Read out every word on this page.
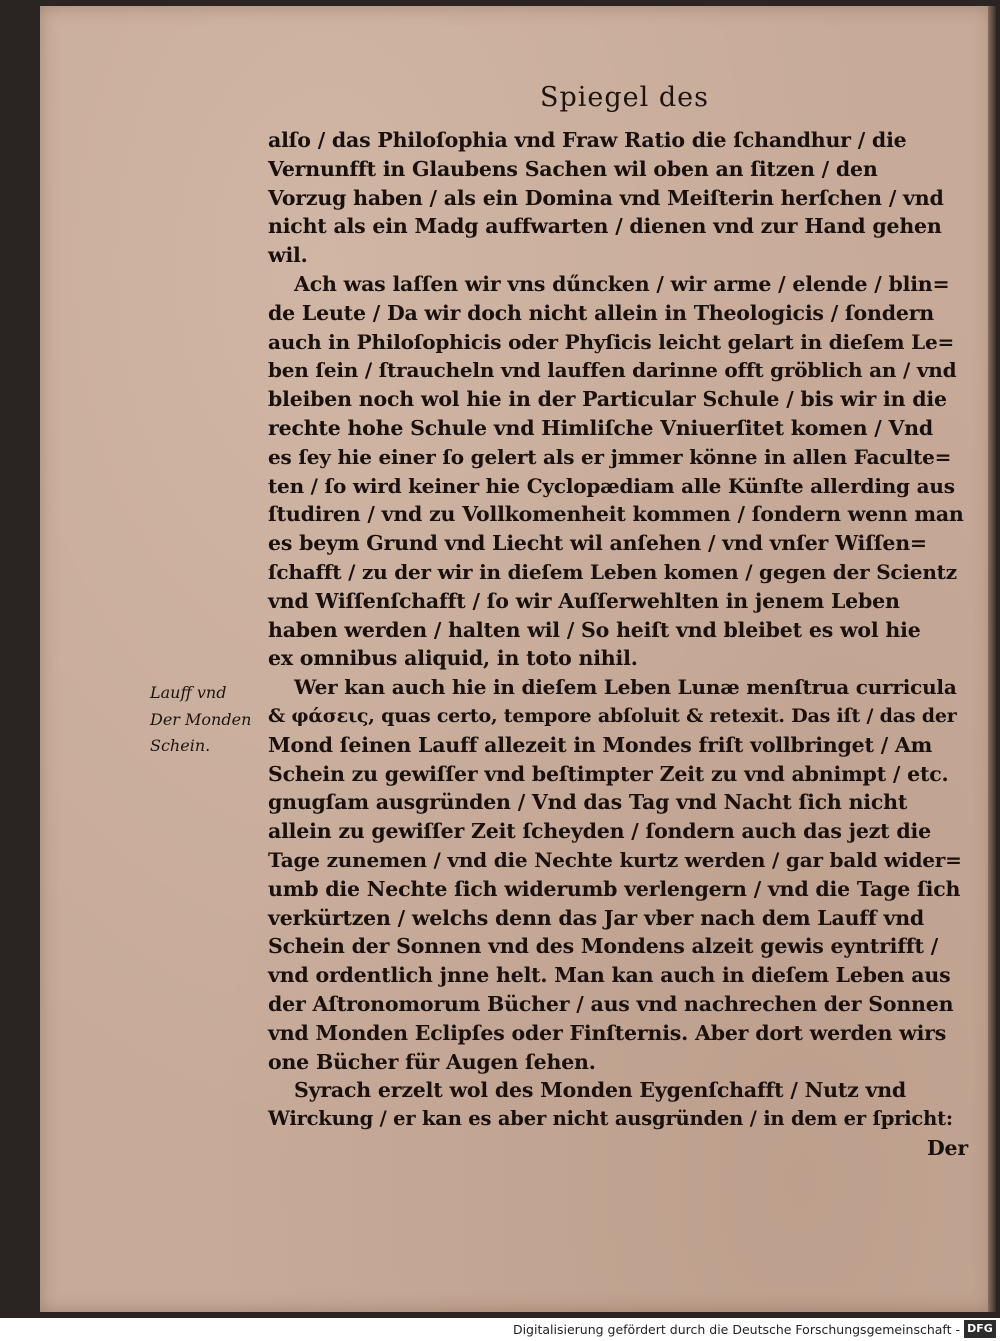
Spiegel des
Lauff vnd
Der Monden
Schein.
alſo / das Philoſophia vnd Fraw Ratio die ſchandhur / die
Vernunfft in Glaubens Sachen wil oben an ſitzen / den
Vorzug haben / als ein Domina vnd Meiſterin herſchen / vnd
nicht als ein Madg auffwarten / dienen vnd zur Hand gehen
wil.
Ach was laſſen wir vns dűncken / wir arme / elende / blin=
de Leute / Da wir doch nicht allein in Theologicis / ſondern
auch in Philoſophicis oder Phyſicis leicht gelart in dieſem Le=
ben ſein / ſtraucheln vnd lauffen darinne offt gröblich an / vnd
bleiben noch wol hie in der Particular Schule / bis wir in die
rechte hohe Schule vnd Himliſche Vniuerſitet komen / Vnd
es ſey hie einer ſo gelert als er jmmer könne in allen Faculte=
ten / ſo wird keiner hie Cyclopædiam alle Künſte allerding aus
ſtudiren / vnd zu Vollkomenheit kommen / ſondern wenn man
es beym Grund vnd Liecht wil anſehen / vnd vnſer Wiſſen=
ſchafft / zu der wir in dieſem Leben komen / gegen der Scientz
vnd Wiſſenſchafft / ſo wir Auſſerwehlten in jenem Leben
haben werden / halten wil / So heiſt vnd bleibet es wol hie
ex omnibus aliquid, in toto nihil.
Wer kan auch hie in dieſem Leben Lunæ menſtrua curricula
& φάσεις, quas certo, tempore abſoluit & retexit. Das iſt / das der
Mond ſeinen Lauff allezeit in Mondes friſt vollbringet / Am
Schein zu gewiſſer vnd beſtimpter Zeit zu vnd abnimpt / etc.
gnugſam ausgründen / Vnd das Tag vnd Nacht ſich nicht
allein zu gewiſſer Zeit ſcheyden / ſondern auch das jezt die
Tage zunemen / vnd die Nechte kurtz werden / gar bald wider=
umb die Nechte ſich widerumb verlengern / vnd die Tage ſich
verkürtzen / welchs denn das Jar vber nach dem Lauff vnd
Schein der Sonnen vnd des Mondens alzeit gewis eyntrifft /
vnd ordentlich jnne helt. Man kan auch in dieſem Leben aus
der Aſtronomorum Bücher / aus vnd nachrechen der Sonnen
vnd Monden Eclipſes oder Finſternis. Aber dort werden wirs
one Bücher für Augen ſehen.
Syrach erzelt wol des Monden Eygenſchafft / Nutz vnd
Wirckung / er kan es aber nicht ausgründen / in dem er ſpricht:
Der
Digitalisierung gefördert durch die Deutsche Forschungsgemeinschaft - DFG
